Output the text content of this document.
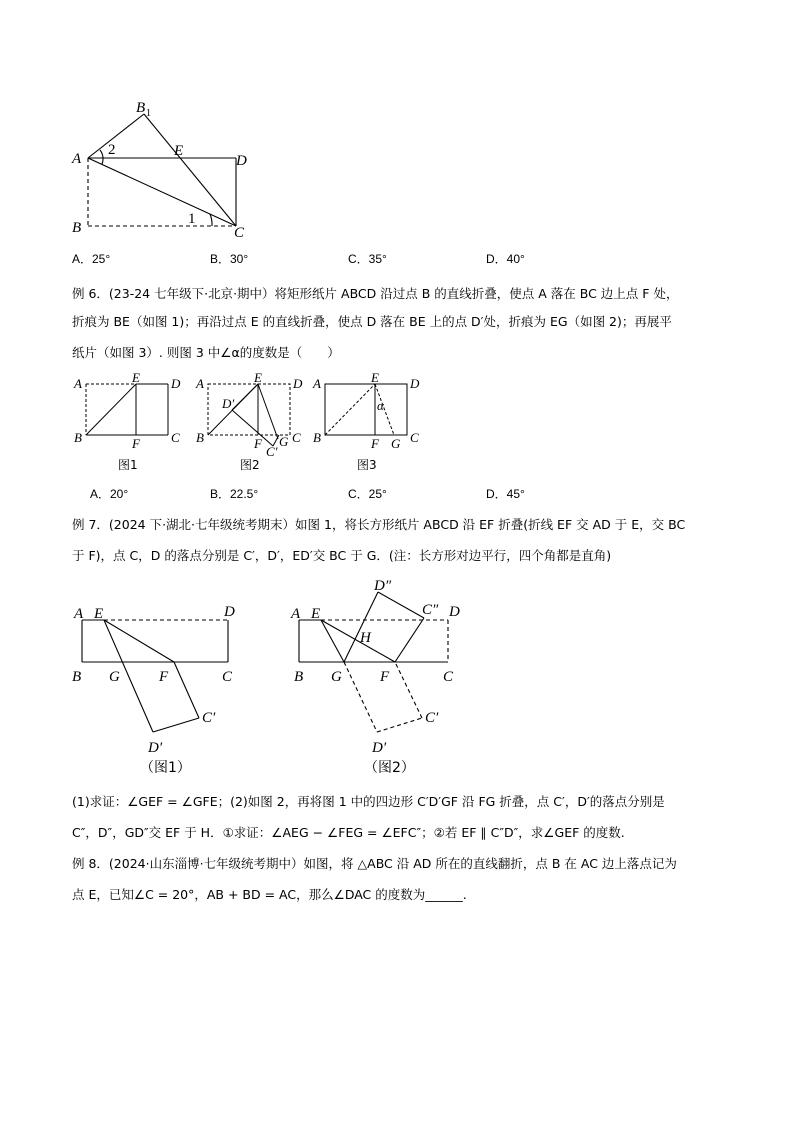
B 1
A
2	E
D
B
1
C
A．25°	B．30°	C．35°	D．40°
例 6．(23-24 七年级下·北京·期中）将矩形纸片 ABCD 沿过点 B 的直线折叠，使点 A 落在 BC 边上点 F 处，
折痕为 BE（如图 1)；再沿过点 E 的直线折叠，使点 D 落在 BE 上的点 D′处，折痕为 EG（如图 2)；再展平
纸片（如图 3）. 则图 3 中∠α的度数是（　　）
A	E D
B	F C
图1
A	E D
D′
B	F G C
C′
图2
A	E D
α
B	F G C
图3
A．20°	B．22.5°	C．25°	D．45°
例 7．(2024 下·湖北·七年级统考期末）如图 1，将长方形纸片 ABCD 沿 EF 折叠(折线 EF 交 AD 于 E，交 BC
于 F)，点 C，D 的落点分别是 C′，D′，ED′交 BC 于 G．(注：长方形对边平行，四个角都是直角)
A E	D
B G	F	C
C′
D′
（图1）
A E	D
D″
C″
H
B G	F	C
C′
D′
（图2）
(1)求证：∠GEF = ∠GFE；(2)如图 2，再将图 1 中的四边形 C′D′GF 沿 FG 折叠，点 C′，D′的落点分别是
C″，D″，GD″交 EF 于 H．①求证：∠AEG − ∠FEG = ∠EFC″；②若 EF ∥ C″D″，求∠GEF 的度数.
例 8．(2024·山东淄博·七年级统考期中）如图，将 △ABC 沿 AD 所在的直线翻折，点 B 在 AC 边上落点记为
点 E，已知∠C = 20°，AB + BD = AC，那么∠DAC 的度数为______.
